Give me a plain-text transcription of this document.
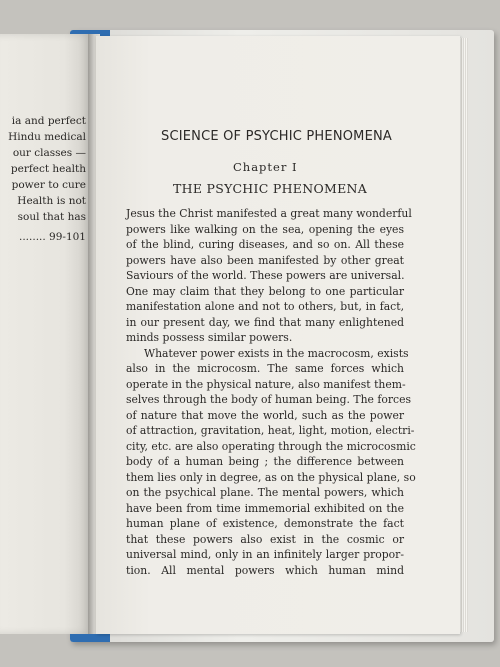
ia and perfect
Hindu medical
our classes —
perfect health
power to cure
Health is not
soul that has
........ 99-101
SCIENCE OF PSYCHIC PHENOMENA
Chapter I
THE PSYCHIC PHENOMENA
Jesus the Christ manifested a great many wonderful
powers like walking on the sea, opening the eyes
of the blind, curing diseases, and so on. All these
powers have also been manifested by other great
Saviours of the world. These powers are universal.
One may claim that they belong to one particular
manifestation alone and not to others, but, in fact,
in our present day, we find that many enlightened
minds possess similar powers.
Whatever power exists in the macrocosm, exists
also in the microcosm. The same forces which
operate in the physical nature, also manifest them-
selves through the body of human being. The forces
of nature that move the world, such as the power
of attraction, gravitation, heat, light, motion, electri-
city, etc. are also operating through the microcosmic
body of a human being ; the difference between
them lies only in degree, as on the physical plane, so
on the psychical plane. The mental powers, which
have been from time immemorial exhibited on the
human plane of existence, demonstrate the fact
that these powers also exist in the cosmic or
universal mind, only in an infinitely larger propor-
tion. All mental powers which human mind
